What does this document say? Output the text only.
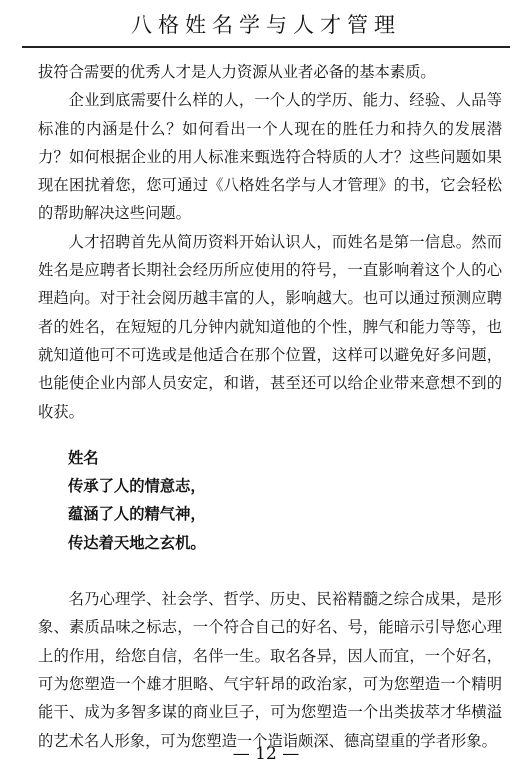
八格姓名学与人才管理

拔符合需要的优秀人才是人力资源从业者必备的基本素质。

企业到底需要什么样的人，一个人的学历、能力、经验、人品等标准的内涵是什么？如何看出一个人现在的胜任力和持久的发展潜力？如何根据企业的用人标准来甄选符合特质的人才？这些问题如果现在困扰着您，您可通过《八格姓名学与人才管理》的书，它会轻松的帮助解决这些问题。

人才招聘首先从简历资料开始认识人，而姓名是第一信息。然而姓名是应聘者长期社会经历所应使用的符号，一直影响着这个人的心理趋向。对于社会阅历越丰富的人，影响越大。也可以通过预测应聘者的姓名，在短短的几分钟内就知道他的个性，脾气和能力等等，也就知道他可不可选或是他适合在那个位置，这样可以避免好多问题，也能使企业内部人员安定，和谐，甚至还可以给企业带来意想不到的收获。

姓名
传承了人的情意志，
蕴涵了人的精气神，
传达着天地之玄机。

名乃心理学、社会学、哲学、历史、民裕精髓之综合成果，是形象、素质品味之标志，一个符合自己的好名、号，能暗示引导您心理上的作用，给您自信，名伴一生。取名各异，因人而宜，一个好名，可为您塑造一个雄才胆略、气宇轩昂的政治家，可为您塑造一个精明能干、成为多智多谋的商业巨子，可为您塑造一个出类拔萃才华横溢的艺术名人形象，可为您塑造一个造诣颇深、德高望重的学者形象。

— 12 —
